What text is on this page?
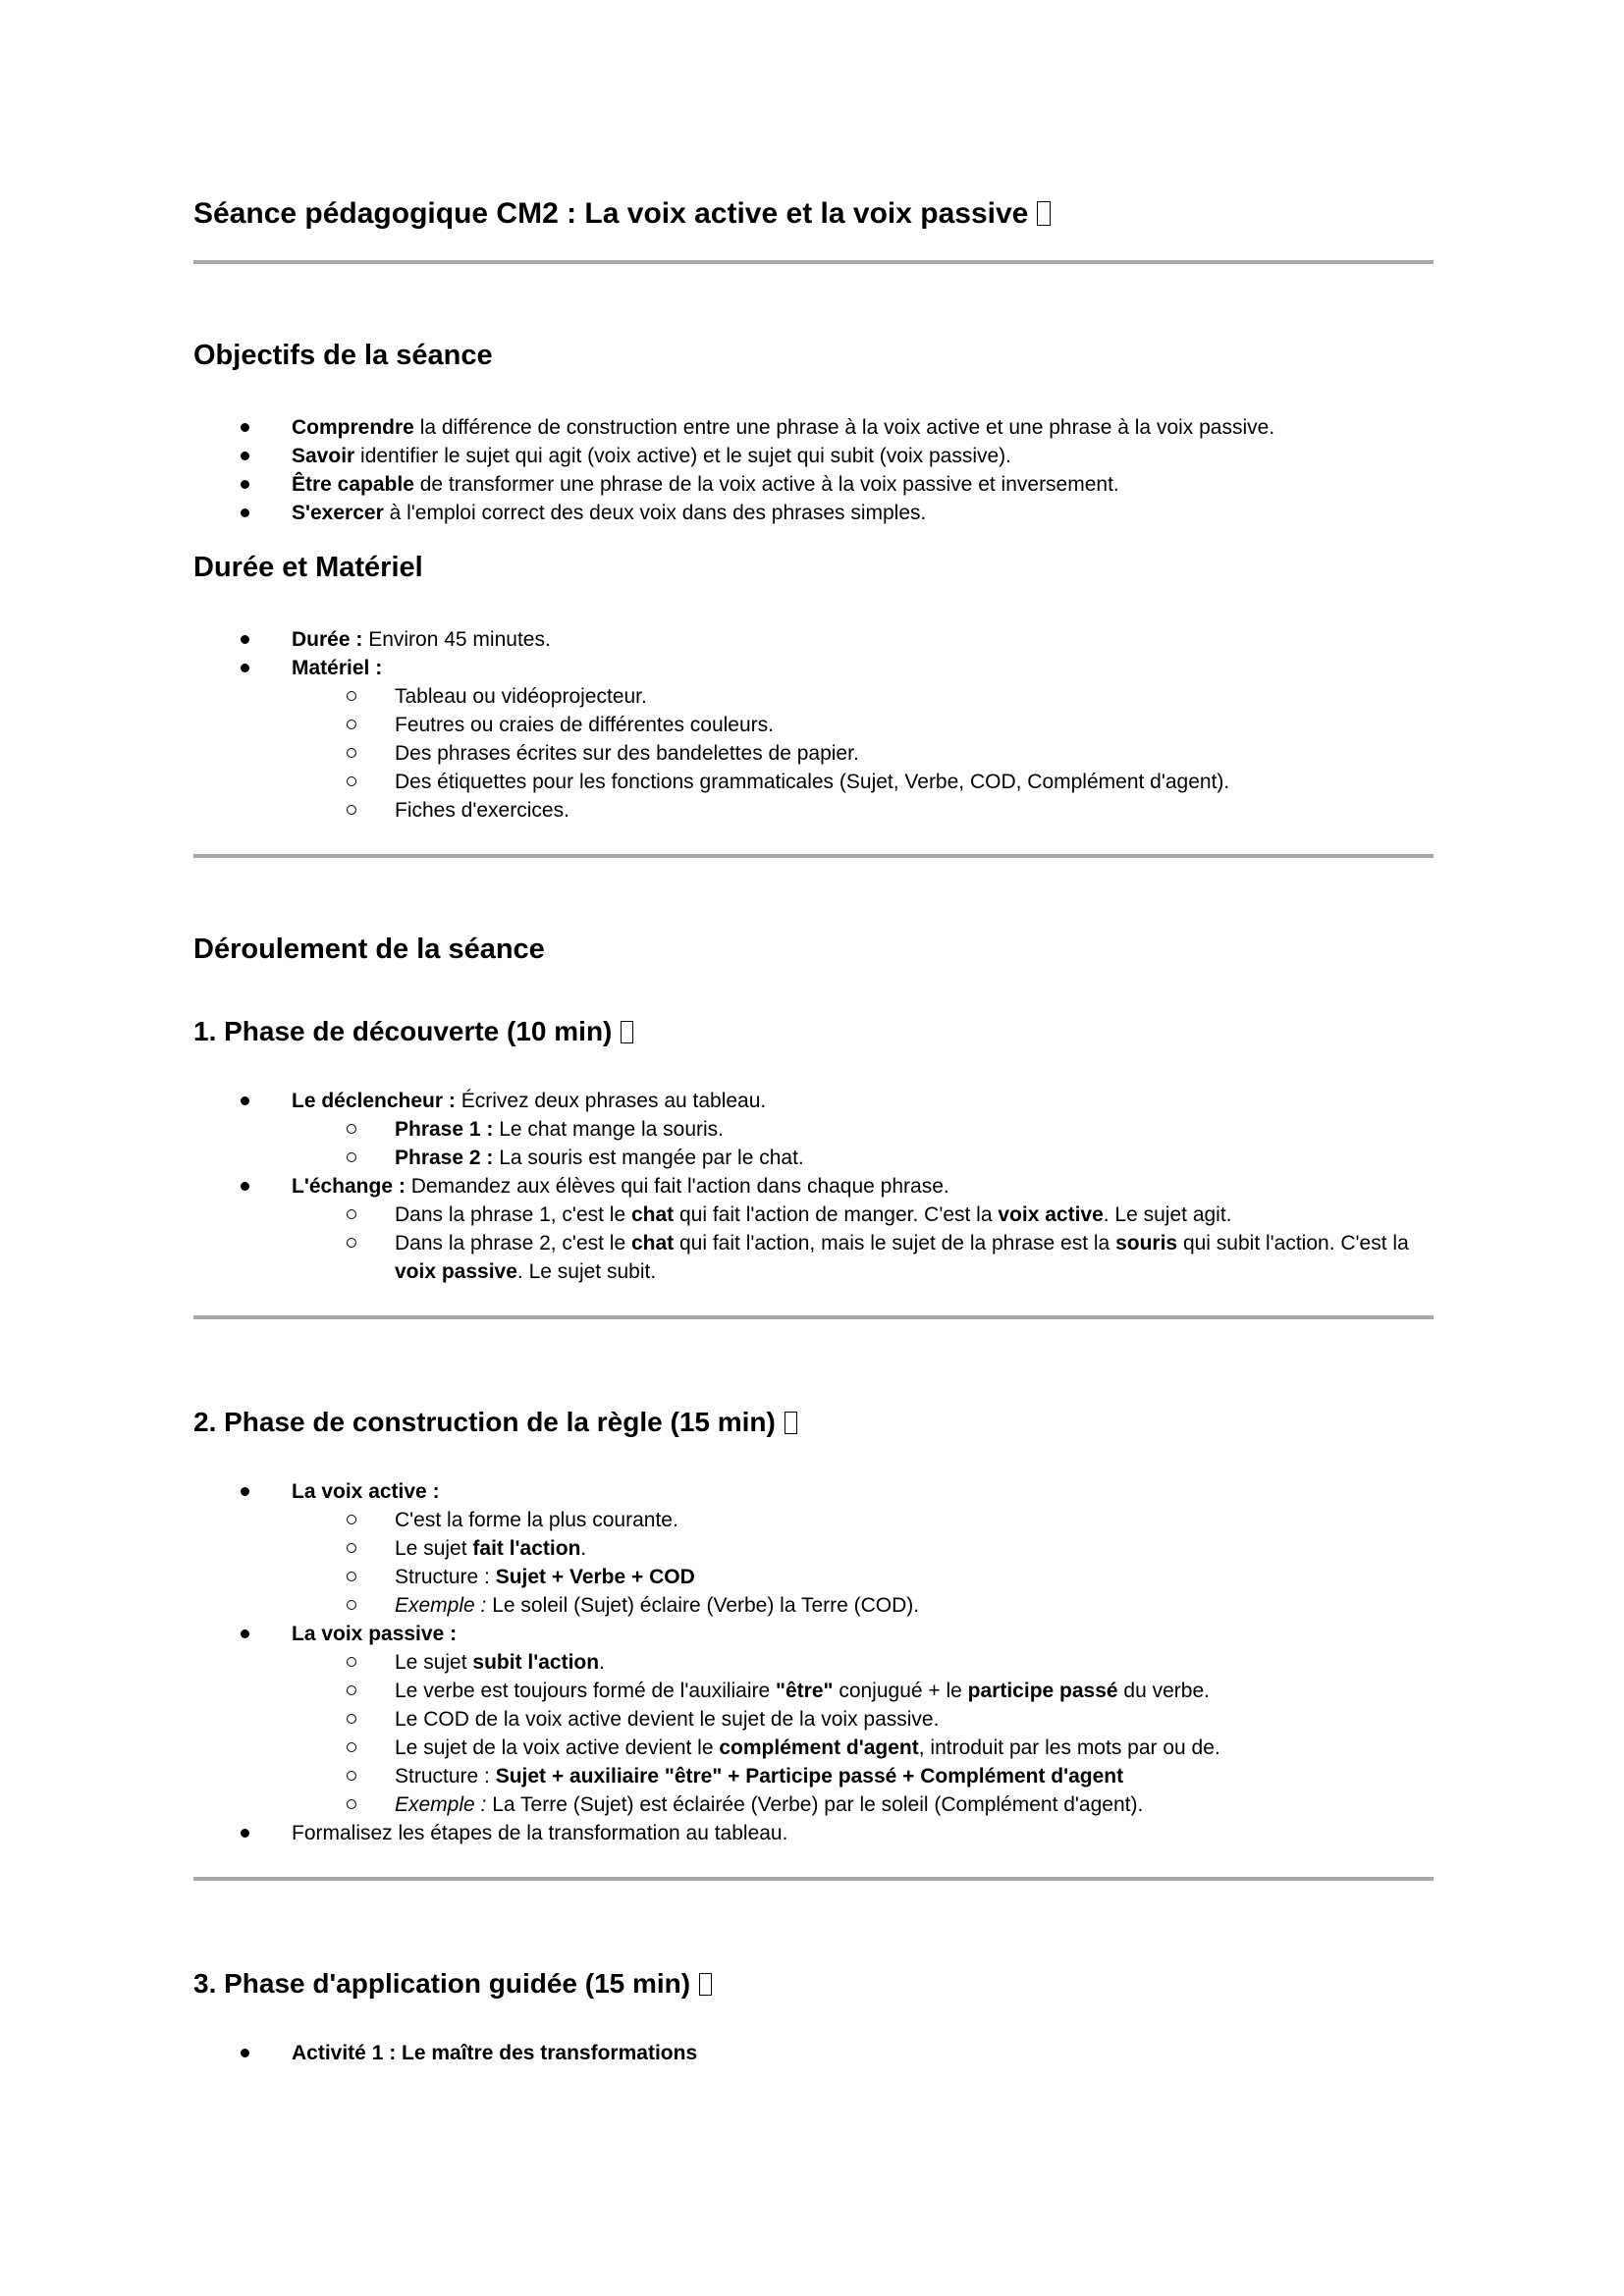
Séance pédagogique CM2 : La voix active et la voix passive
Objectifs de la séance
Comprendre la différence de construction entre une phrase à la voix active et une phrase à la voix passive.
Savoir identifier le sujet qui agit (voix active) et le sujet qui subit (voix passive).
Être capable de transformer une phrase de la voix active à la voix passive et inversement.
S'exercer à l'emploi correct des deux voix dans des phrases simples.
Durée et Matériel
Durée : Environ 45 minutes.
Matériel :
Tableau ou vidéoprojecteur.
Feutres ou craies de différentes couleurs.
Des phrases écrites sur des bandelettes de papier.
Des étiquettes pour les fonctions grammaticales (Sujet, Verbe, COD, Complément d'agent).
Fiches d'exercices.
Déroulement de la séance
1. Phase de découverte (10 min)
Le déclencheur : Écrivez deux phrases au tableau.
Phrase 1 : Le chat mange la souris.
Phrase 2 : La souris est mangée par le chat.
L'échange : Demandez aux élèves qui fait l'action dans chaque phrase.
Dans la phrase 1, c'est le chat qui fait l'action de manger. C'est la voix active. Le sujet agit.
Dans la phrase 2, c'est le chat qui fait l'action, mais le sujet de la phrase est la souris qui subit l'action. C'est la voix passive. Le sujet subit.
2. Phase de construction de la règle (15 min)
La voix active :
C'est la forme la plus courante.
Le sujet fait l'action.
Structure : Sujet + Verbe + COD
Exemple : Le soleil (Sujet) éclaire (Verbe) la Terre (COD).
La voix passive :
Le sujet subit l'action.
Le verbe est toujours formé de l'auxiliaire "être" conjugué + le participe passé du verbe.
Le COD de la voix active devient le sujet de la voix passive.
Le sujet de la voix active devient le complément d'agent, introduit par les mots par ou de.
Structure : Sujet + auxiliaire "être" + Participe passé + Complément d'agent
Exemple : La Terre (Sujet) est éclairée (Verbe) par le soleil (Complément d'agent).
Formalisez les étapes de la transformation au tableau.
3. Phase d'application guidée (15 min)
Activité 1 : Le maître des transformations
